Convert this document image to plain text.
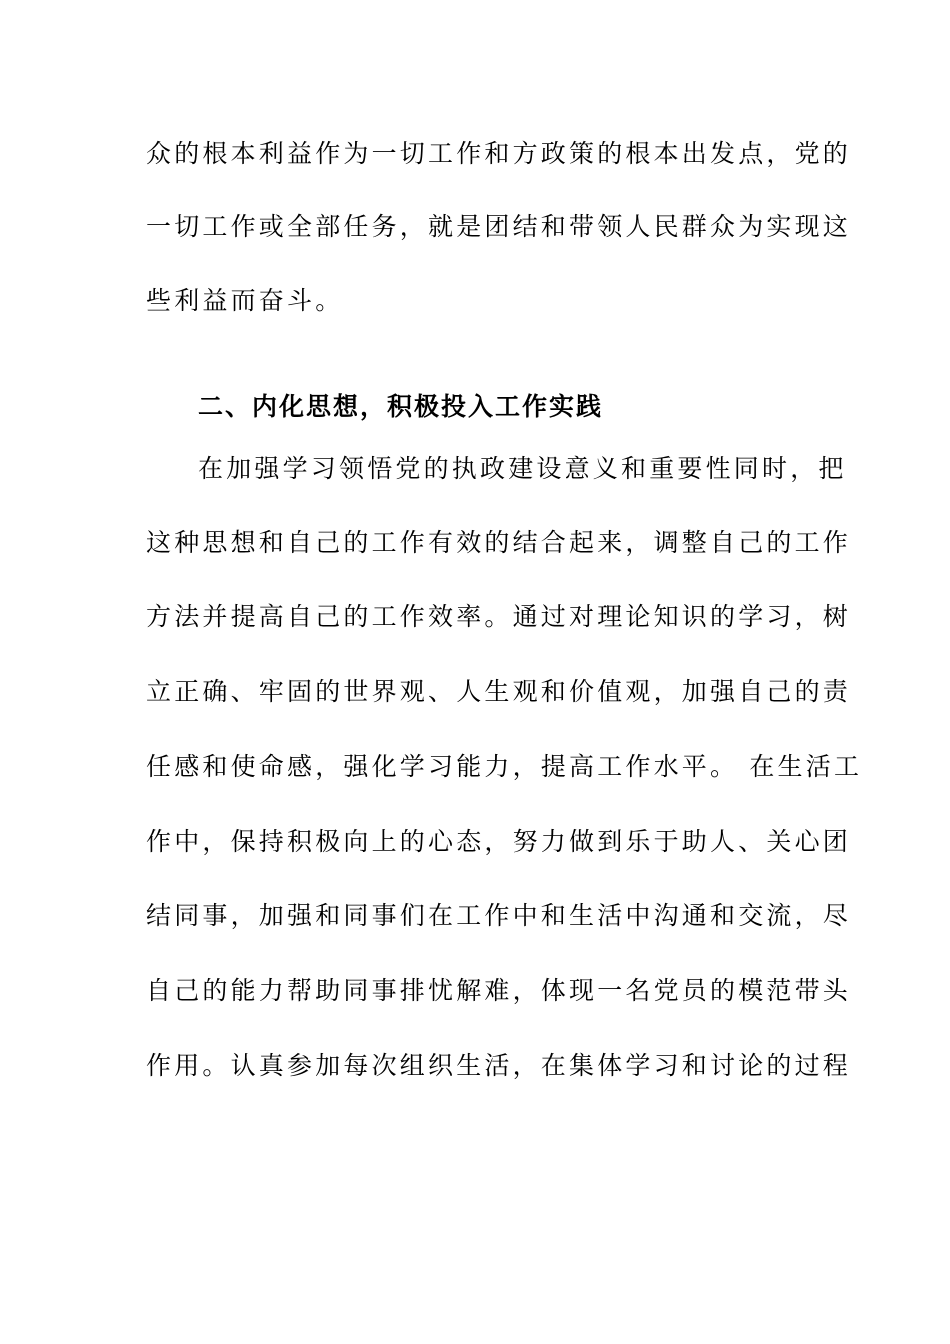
众的根本利益作为一切工作和方政策的根本出发点，党的
一切工作或全部任务，就是团结和带领人民群众为实现这
些利益而奋斗。
二、内化思想，积极投入工作实践
在加强学习领悟党的执政建设意义和重要性同时，把
这种思想和自己的工作有效的结合起来，调整自己的工作
方法并提高自己的工作效率。通过对理论知识的学习，树
立正确、牢固的世界观、人生观和价值观，加强自己的责
任感和使命感，强化学习能力，提高工作水平。 在生活工
作中，保持积极向上的心态，努力做到乐于助人、关心团
结同事，加强和同事们在工作中和生活中沟通和交流，尽
自己的能力帮助同事排忧解难，体现一名党员的模范带头
作用。认真参加每次组织生活，在集体学习和讨论的过程
